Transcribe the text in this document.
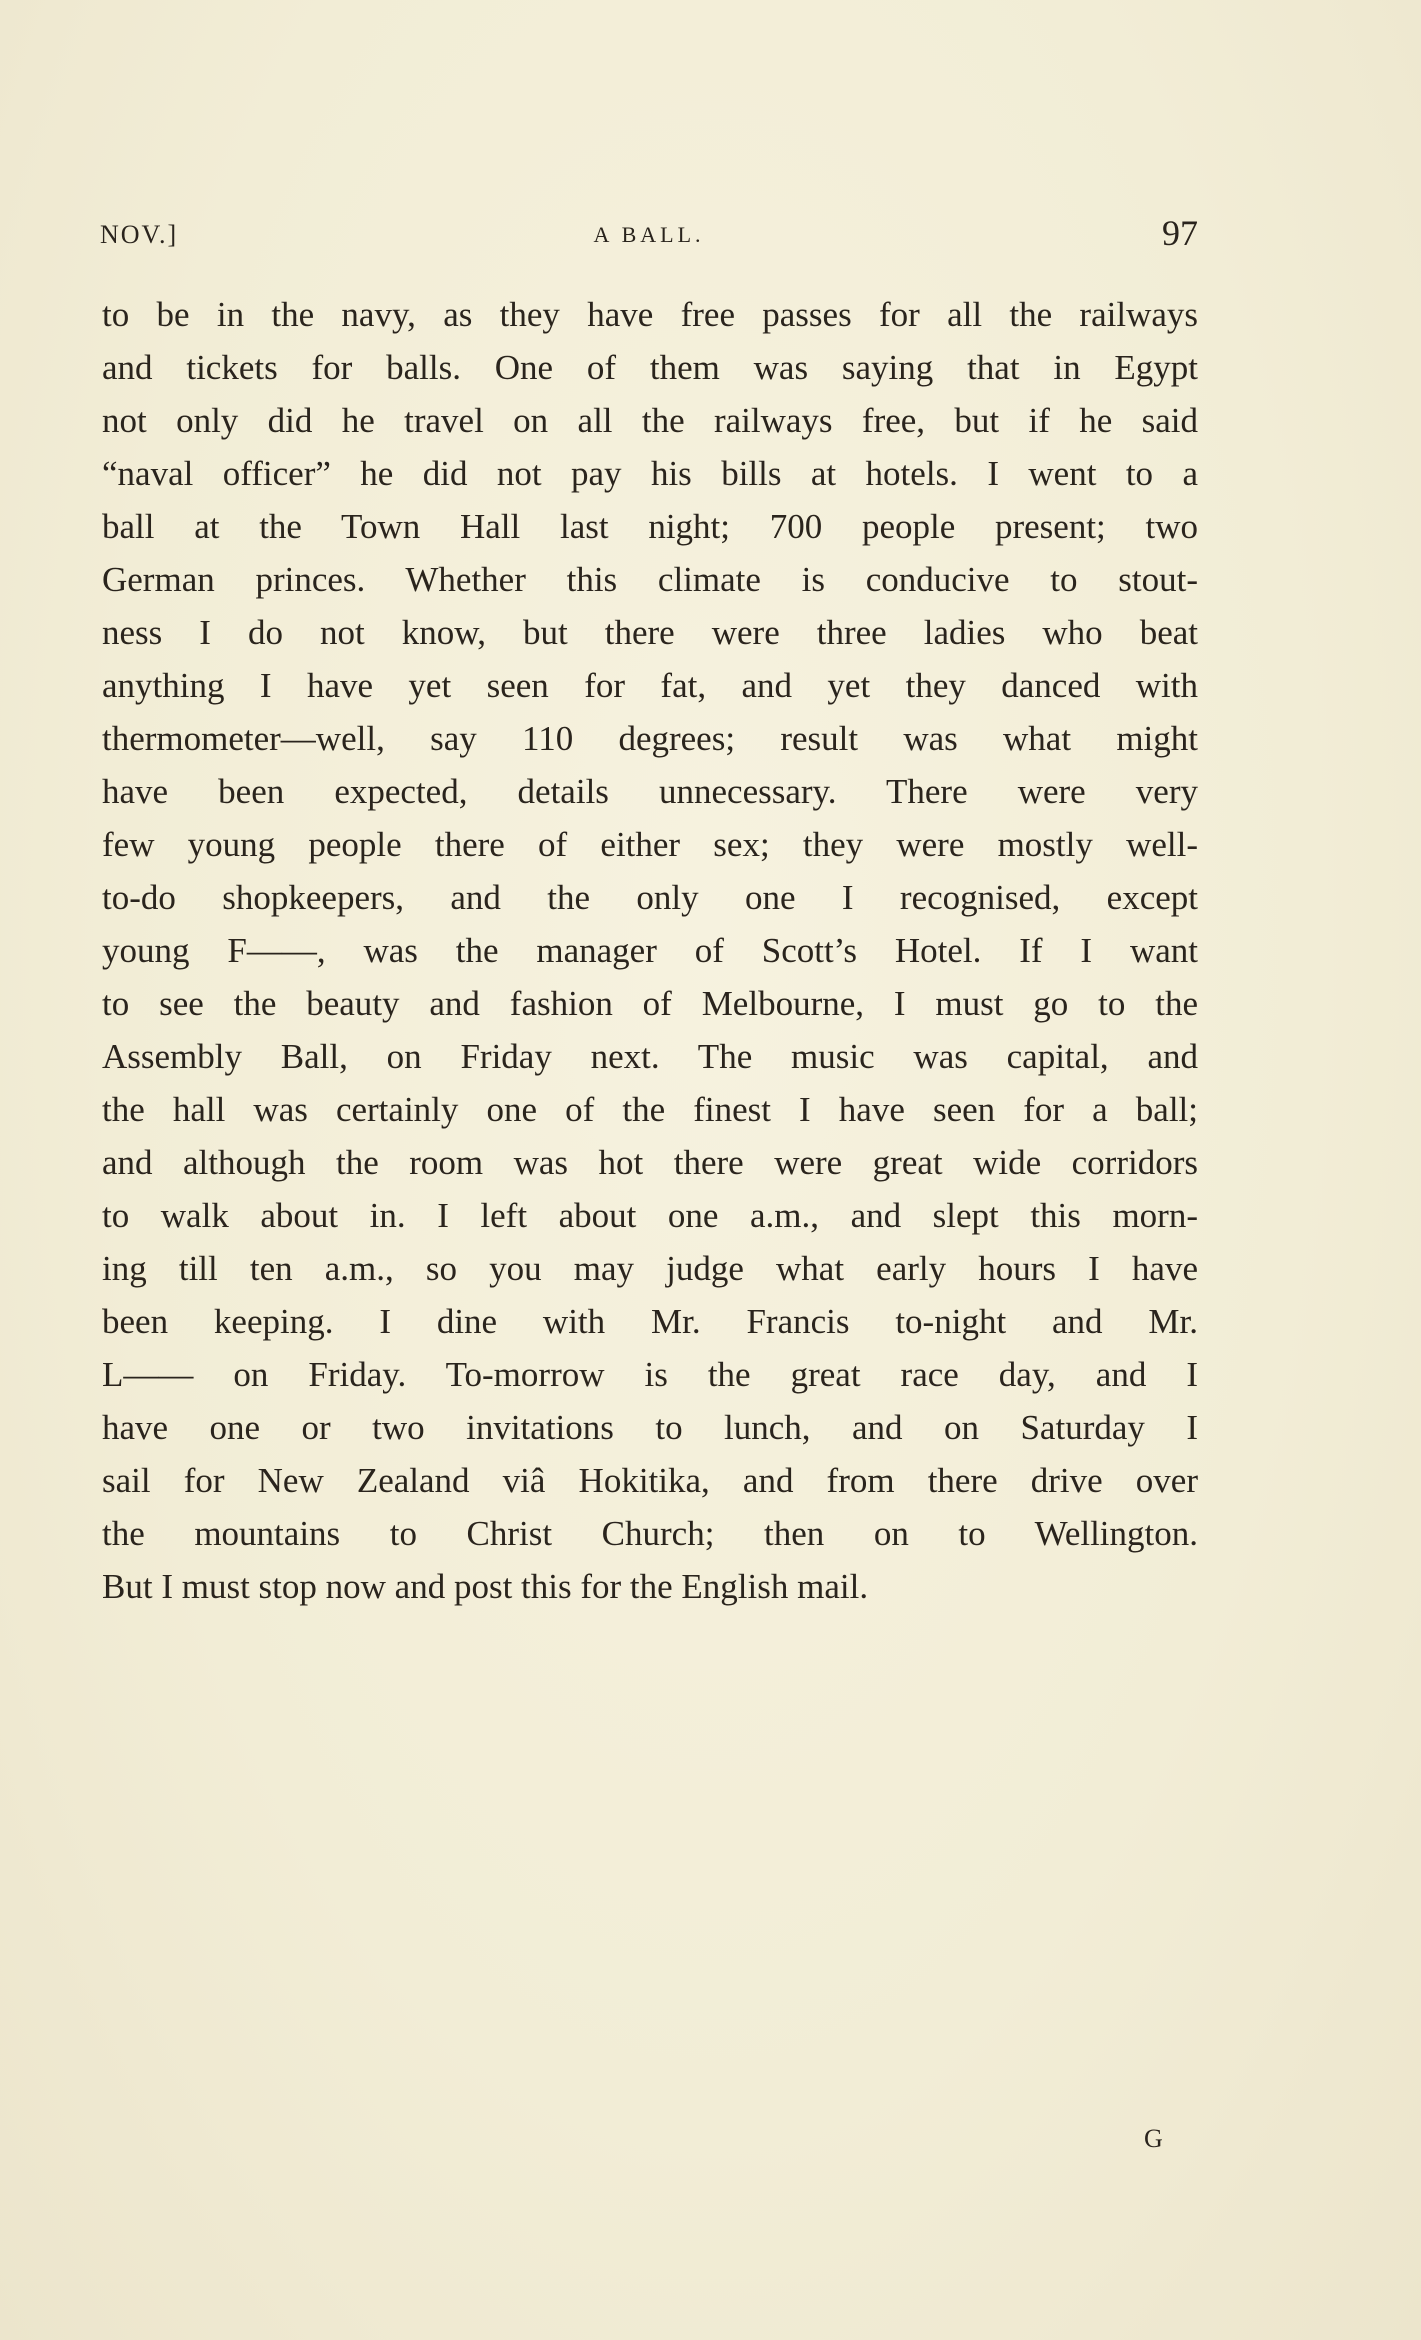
NOV.]	A BALL.	97
to be in the navy, as they have free passes for all the railways
and tickets for balls. One of them was saying that in Egypt
not only did he travel on all the railways free, but if he said
“naval officer” he did not pay his bills at hotels. I went to a
ball at the Town Hall last night; 700 people present; two
German princes. Whether this climate is conducive to stout-
ness I do not know, but there were three ladies who beat
anything I have yet seen for fat, and yet they danced with
thermometer—well, say 110 degrees; result was what might
have been expected, details unnecessary. There were very
few young people there of either sex; they were mostly well-
to-do shopkeepers, and the only one I recognised, except
young F——, was the manager of Scott’s Hotel. If I want
to see the beauty and fashion of Melbourne, I must go to the
Assembly Ball, on Friday next. The music was capital, and
the hall was certainly one of the finest I have seen for a ball;
and although the room was hot there were great wide corridors
to walk about in. I left about one a.m., and slept this morn-
ing till ten a.m., so you may judge what early hours I have
been keeping. I dine with Mr. Francis to-night and Mr.
L—— on Friday. To-morrow is the great race day, and I
have one or two invitations to lunch, and on Saturday I
sail for New Zealand viâ Hokitika, and from there drive over
the mountains to Christ Church; then on to Wellington.
But I must stop now and post this for the English mail.
G
